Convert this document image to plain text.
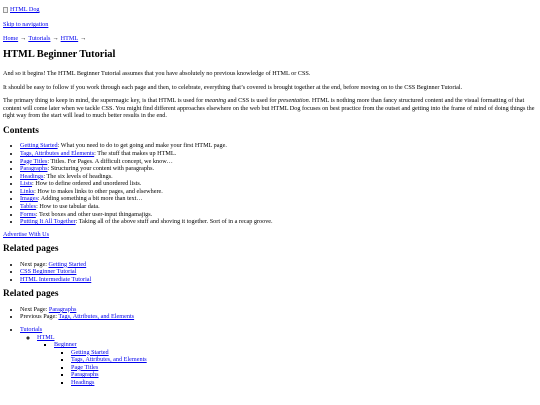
HTML Dog
Skip to navigation
Home → Tutorials → HTML →
HTML Beginner Tutorial

And so it begins! The HTML Beginner Tutorial assumes that you have absolutely no previous knowledge of HTML or CSS.

It should be easy to follow if you work through each page and then, to celebrate, everything that’s covered is brought together at the end, before moving on to the CSS Beginner Tutorial.

The primary thing to keep in mind, the supermagic key, is that HTML is used for meaning and CSS is used for presentation. HTML is nothing more than fancy structured content and the visual formatting of that content will come later when we tackle CSS. You might find different approaches elsewhere on the web but HTML Dog focuses on best practice from the outset and getting into the frame of mind of doing things the right way from the start will lead to much better results in the end.

Contents
• Getting Started: What you need to do to get going and make your first HTML page.
• Tags, Attributes and Elements: The stuff that makes up HTML.
• Page Titles: Titles. For Pages. A difficult concept, we know…
• Paragraphs: Structuring your content with paragraphs.
• Headings: The six levels of headings.
• Lists: How to define ordered and unordered lists.
• Links: How to makes links to other pages, and elsewhere.
• Images: Adding something a bit more than text…
• Tables: How to use tabular data.
• Forms: Text boxes and other user-input thingamajigs.
• Putting It All Together: Taking all of the above stuff and shoving it together. Sort of in a recap groove.
Advertise With Us
Related pages
• Next page: Getting Started
• CSS Beginner Tutorial
• HTML Intermediate Tutorial
Related pages
• Next Page: Paragraphs
• Previous Page: Tags, Attributes, and Elements
• Tutorials
◦ HTML
▪ Beginner
▪ Getting Started
▪ Tags, Attributes, and Elements
▪ Page Titles
▪ Paragraphs
▪ Headings
